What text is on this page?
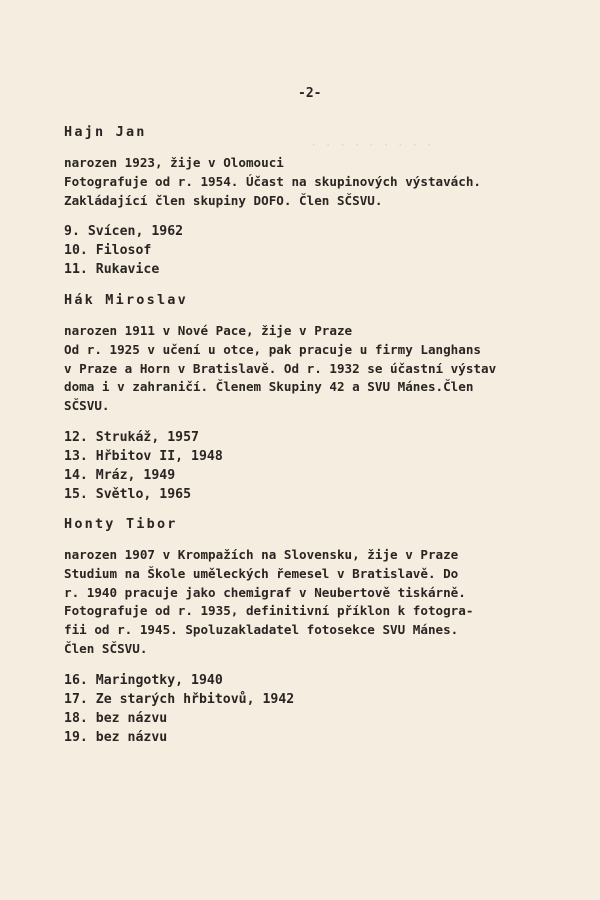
· · · · · · · · ·
-2-
Hajn Jan
narozen 1923, žije v Olomouci
Fotografuje od r. 1954. Účast na skupinových výstavách.
Zakládající člen skupiny DOFO. Člen SČSVU.
9. Svícen, 1962
10. Filosof
11. Rukavice
Hák Miroslav
narozen 1911 v Nové Pace, žije v Praze
Od r. 1925 v učení u otce, pak pracuje u firmy Langhans
v Praze a Horn v Bratislavě. Od r. 1932 se účastní výstav
doma i v zahraničí. Členem Skupiny 42 a SVU Mánes.Člen
SČSVU.
12. Strukáž, 1957
13. Hřbitov II, 1948
14. Mráz, 1949
15. Světlo, 1965
Honty Tibor
narozen 1907 v Krompažích na Slovensku, žije v Praze
Studium na Škole uměleckých řemesel v Bratislavě. Do
r. 1940 pracuje jako chemigraf v Neubertově tiskárně.
Fotografuje od r. 1935, definitivní příklon k fotogra-
fii od r. 1945. Spoluzakladatel fotosekce SVU Mánes.
Člen SČSVU.
16. Maringotky, 1940
17. Ze starých hřbitovů, 1942
18. bez názvu
19. bez názvu
